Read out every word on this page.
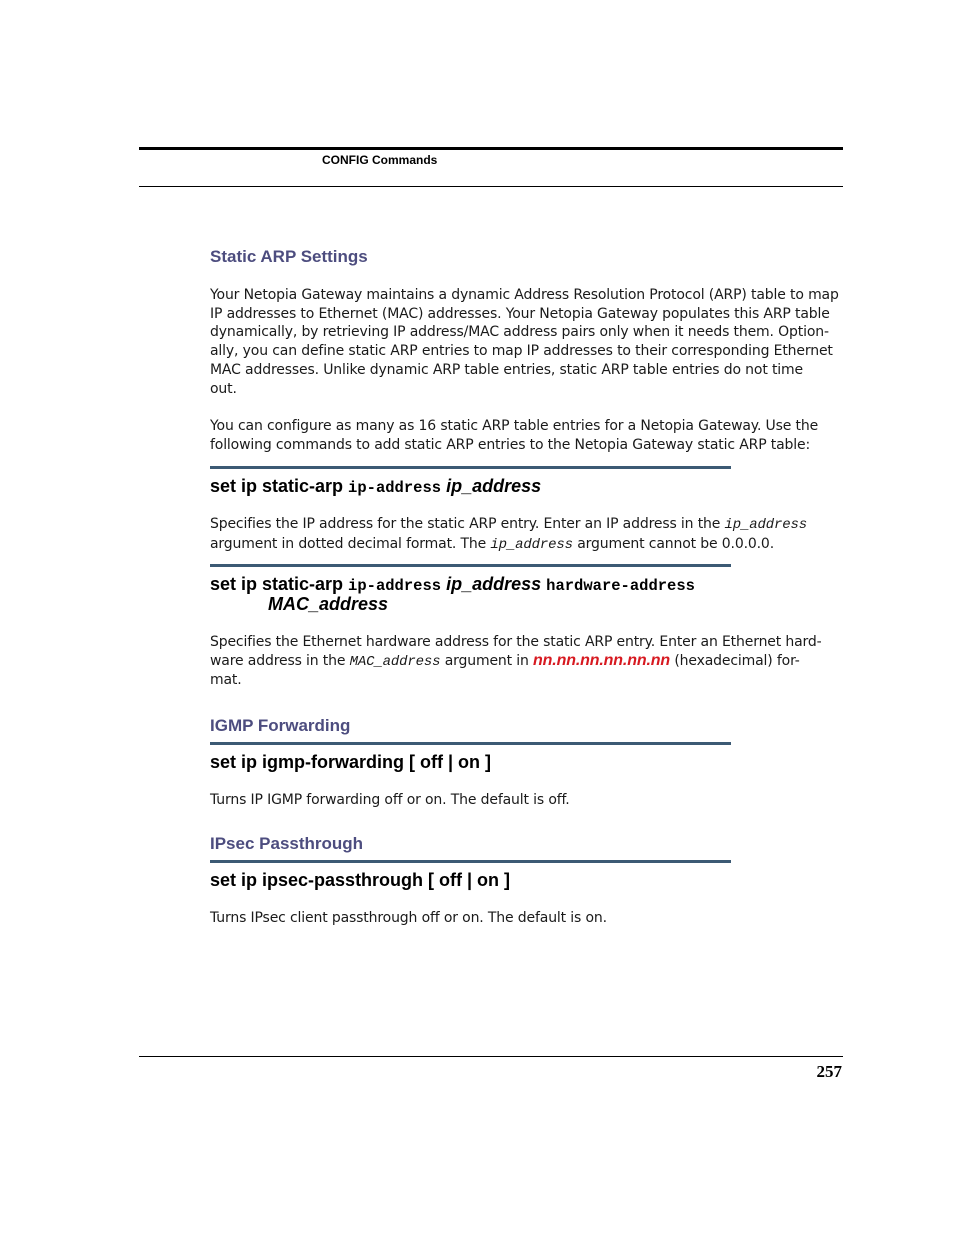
CONFIG Commands
Static ARP Settings
Your Netopia Gateway maintains a dynamic Address Resolution Protocol (ARP) table to map
IP addresses to Ethernet (MAC) addresses. Your Netopia Gateway populates this ARP table
dynamically, by retrieving IP address/MAC address pairs only when it needs them. Option-
ally, you can define static ARP entries to map IP addresses to their corresponding Ethernet
MAC addresses. Unlike dynamic ARP table entries, static ARP table entries do not time
out.
You can configure as many as 16 static ARP table entries for a Netopia Gateway. Use the
following commands to add static ARP entries to the Netopia Gateway static ARP table:
set ip static-arp ip-address ip_address
Specifies the IP address for the static ARP entry. Enter an IP address in the ip_address
argument in dotted decimal format. The ip_address argument cannot be 0.0.0.0.
set ip static-arp ip-address ip_address hardware-address
MAC_address
Specifies the Ethernet hardware address for the static ARP entry. Enter an Ethernet hard-
ware address in the MAC_address argument in nn.nn.nn.nn.nn.nn (hexadecimal) for-
mat.
IGMP Forwarding
set ip igmp-forwarding [ off | on ]
Turns IP IGMP forwarding off or on. The default is off.
IPsec Passthrough
set ip ipsec-passthrough [ off | on ]
Turns IPsec client passthrough off or on. The default is on.
257
